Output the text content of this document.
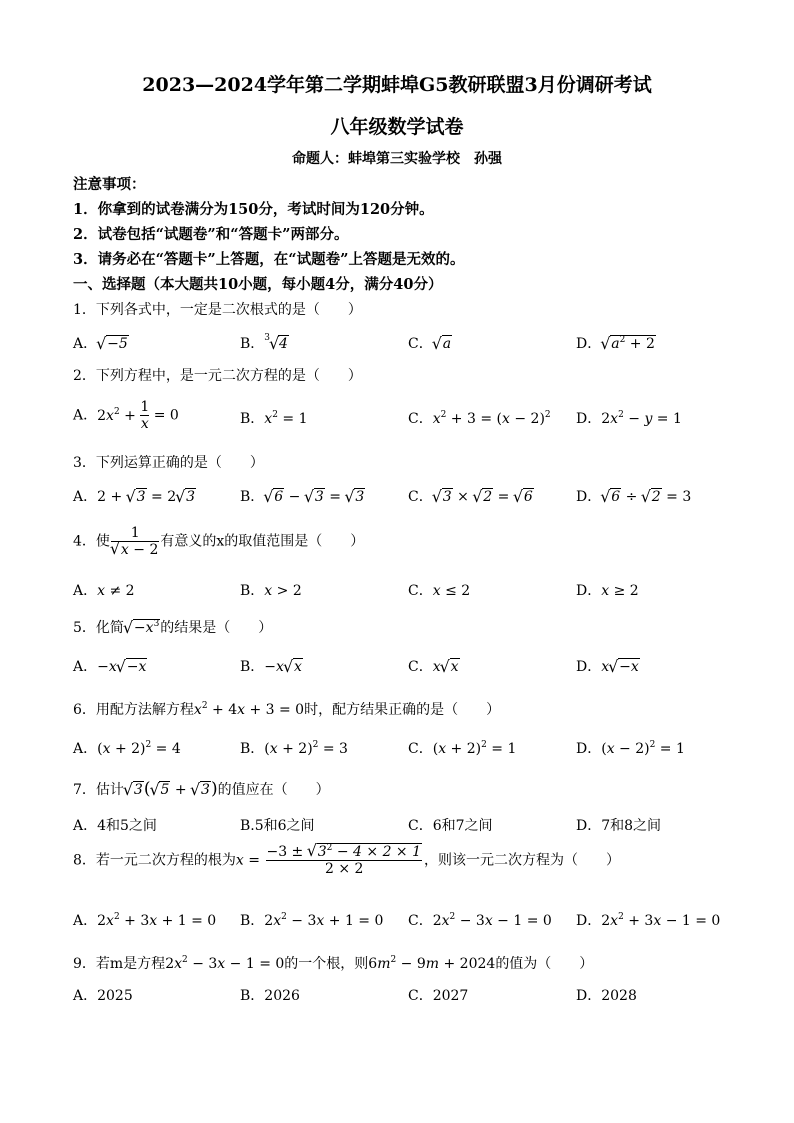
2023—2024学年第二学期蚌埠G5教研联盟3月份调研考试
八年级数学试卷
命题人：蚌埠第三实验学校　孙强
注意事项：
1．你拿到的试卷满分为150分，考试时间为120分钟。
2．试卷包括“试题卷”和“答题卡”两部分。
3．请务必在“答题卡”上答题，在“试题卷”上答题是无效的。
一、选择题（本大题共10小题，每小题4分，满分40分）
1．下列各式中，一定是二次根式的是（　　）
A． √ −5	B．$^3$ √ 4	C． √ a	D． √ $a^2 + 2$
2．下列方程中，是一元二次方程的是（　　）
A．$2x^2 + \frac{1}{x} = 0$	B．$x^2 = 1$	C．$x^2 + 3 = (x - 2)^2$ D．$2x^2 - y = 1$
3．下列运算正确的是（　　）
A．2 + √ 3 = 2 √ 3	B． √ 6 − √ 3 = √ 3	C． √ 3 × √ 2 = √ 6	D． √ 6 ÷ √ 2 = 3
4．使 1
√ x − 2 有意义的x的取值范围是（　　）
A．x ≠ 2	B．x > 2	C．x ≤ 2	D．x ≥ 2
5．化简 √ $-x^3$的结果是（　　）
A．−x √ −x	B．−x √ x	C．x √ x	D．x √ −x
6．用配方法解方程$x^2 + 4x + 3 = 0$时，配方结果正确的是（　　）
A．$(x + 2)^2 = 4$	B．$(x + 2)^2 = 3$	C．$(x + 2)^2 = 1$	D．$(x - 2)^2 = 1$
7．估计 √ 3( √ 5 + √ 3)的值应在（　　）
A．4和5之间	B.5和6之间	C．6和7之间	D．7和8之间
8．若一元二次方程的根为$x = \frac{-3 \pm √ 3^2 - 4 \times 2 \times 1}{2 \times 2}$ ，则该一元二次方程为（　　）
A．$2x^2 + 3x + 1 = 0$ B．$2x^2 - 3x + 1 = 0$ C．$2x^2 - 3x - 1 = 0$ D．$2x^2 + 3x - 1 = 0$
9．若m是方程$2x^2 - 3x - 1 = 0$的一个根，则$6m^2 - 9m + 2024$的值为（　　）
A．2025	B．2026	C．2027	D．2028
